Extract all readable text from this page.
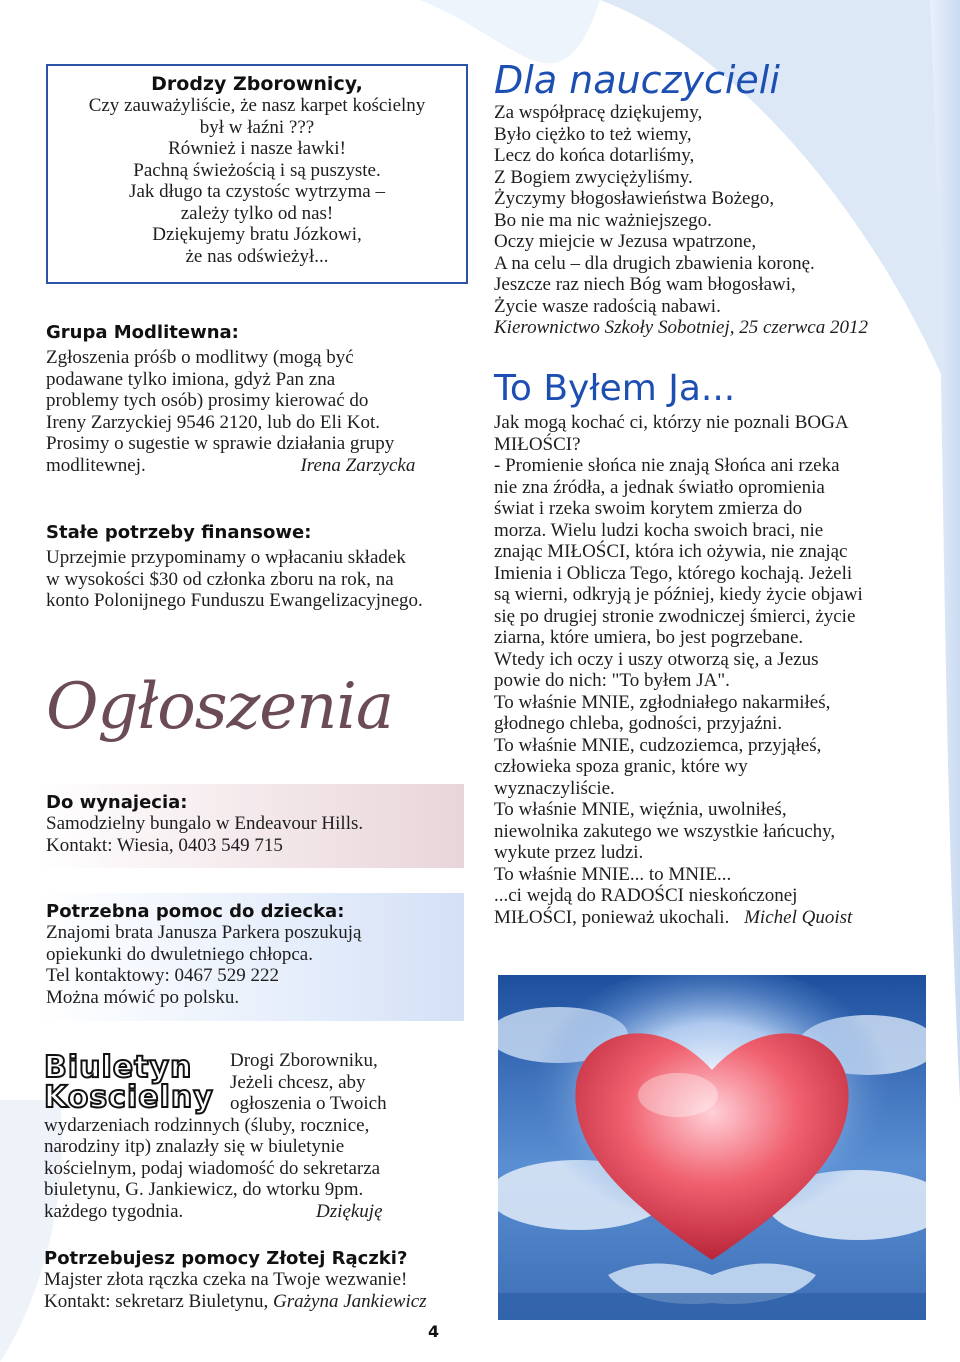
Drodzy Zborownicy,
Czy zauważyliście, że nasz karpet kościelny
był w łaźni ???
Również i nasze ławki!
Pachną świeżością i są puszyste.
Jak długo ta czystośc wytrzyma –
zależy tylko od nas!
Dziękujemy bratu Józkowi,
że nas odświeżył...
Grupa Modlitewna:
Zgłoszenia próśb o modlitwy (mogą być
podawane tylko imiona, gdyż Pan zna
problemy tych osób) prosimy kierować do
Ireny Zarzyckiej 9546 2120, lub do Eli Kot.
Prosimy o sugestie w sprawie działania grupy
modlitewnej.	Irena Zarzycka
Stałe potrzeby finansowe:
Uprzejmie przypominamy o wpłacaniu składek
w wysokości $30 od członka zboru na rok, na
konto Polonijnego Funduszu Ewangelizacyjnego.
Ogłoszenia
Do wynajecia:
Samodzielny bungalo w Endeavour Hills.
Kontakt: Wiesia, 0403 549 715
Potrzebna pomoc do dziecka:
Znajomi brata Janusza Parkera poszukują
opiekunki do dwuletniego chłopca.
Tel kontaktowy: 0467 529 222
Można mówić po polsku.
Biuletyn
Koscielny
Drogi Zborowniku,
Jeżeli chcesz, aby
ogłoszenia o Twoich
wydarzeniach rodzinnych (śluby, rocznice,
narodziny itp) znalazły się w biuletynie
kościelnym, podaj wiadomość do sekretarza
biuletynu, G. Jankiewicz, do wtorku 9pm.
każdego tygodnia.	Dziękuję
Potrzebujesz pomocy Złotej Rączki?
Majster złota rączka czeka na Twoje wezwanie!
Kontakt: sekretarz Biuletynu, Grażyna Jankiewicz
4
Dla nauczycieli
Za współpracę dziękujemy,
Było ciężko to też wiemy,
Lecz do końca dotarliśmy,
Z Bogiem zwyciężyliśmy.
Życzymy błogosławieństwa Bożego,
Bo nie ma nic ważniejszego.
Oczy miejcie w Jezusa wpatrzone,
A na celu – dla drugich zbawienia koronę.
Jeszcze raz niech Bóg wam błogosławi,
Życie wasze radością nabawi.
Kierownictwo Szkoły Sobotniej, 25 czerwca 2012
To Byłem Ja...
Jak mogą kochać ci, którzy nie poznali BOGA
MIŁOŚCI?
- Promienie słońca nie znają Słońca ani rzeka
nie zna źródła, a jednak światło opromienia
świat i rzeka swoim korytem zmierza do
morza. Wielu ludzi kocha swoich braci, nie
znając MIŁOŚCI, która ich ożywia, nie znając
Imienia i Oblicza Tego, którego kochają. Jeżeli
są wierni, odkryją je później, kiedy życie objawi
się po drugiej stronie zwodniczej śmierci, życie
ziarna, które umiera, bo jest pogrzebane.
Wtedy ich oczy i uszy otworzą się, a Jezus
powie do nich: "To byłem JA".
To właśnie MNIE, zgłodniałego nakarmiłeś,
głodnego chleba, godności, przyjaźni.
To właśnie MNIE, cudzoziemca, przyjąłeś,
człowieka spoza granic, które wy
wyznaczyliście.
To właśnie MNIE, więźnia, uwolniłeś,
niewolnika zakutego we wszystkie łańcuchy,
wykute przez ludzi.
To właśnie MNIE... to MNIE...
...ci wejdą do RADOŚCI nieskończonej
MIŁOŚCI, ponieważ ukochali. Michel Quoist
